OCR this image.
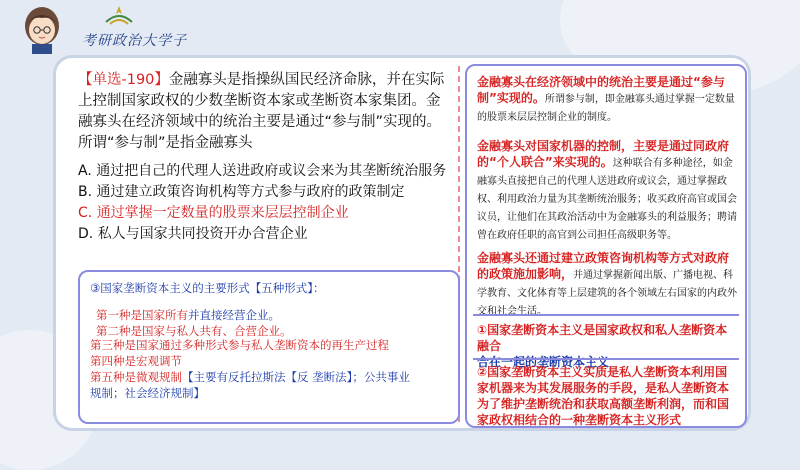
考研政治大学子
【单选-190】金融寡头是指操纵国民经济命脉，并在实际上控制国家政权的少数垄断资本家或垄断资本家集团。金融寡头在经济领域中的统治主要是通过“参与制”实现的。所谓“参与制”是指金融寡头
A. 通过把自己的代理人送进政府或议会来为其垄断统治服务
B. 通过建立政策咨询机构等方式参与政府的政策制定
C. 通过掌握一定数量的股票来层层控制企业
D. 私人与国家共同投资开办合营企业
③国家垄断资本主义的主要形式【五种形式】：
第一种是国家所有并直接经营企业。
第二种是国家与私人共有、合营企业。
第三种是国家通过多种形式参与私人垄断资本的再生产过程
第四种是宏观调节
第五种是微观规制【主要有反托拉斯法【反 垄断法】；公共事业
规制；社会经济规制】
金融寡头在经济领域中的统治主要是通过“参与制”实现的。所谓参与制，即金融寡头通过掌握一定数量的股票来层层控制企业的制度。
金融寡头对国家机器的控制，主要是通过同政府的“个人联合”来实现的。这种联合有多种途径，如金融寡头直接把自己的代理人送进政府或议会，通过掌握政权、利用政治力量为其垄断统治服务；收买政府高官或国会议员，让他们在其政治活动中为金融寡头的利益服务；聘请曾在政府任职的高官到公司担任高级职务等。
金融寡头还通过建立政策咨询机构等方式对政府的政策施加影响，并通过掌握新闻出版、广播电视、科学教育、文化体育等上层建筑的各个领域左右国家的内政外交和社会生活。
①国家垄断资本主义是国家政权和私人垄断资本融合
合在一起的垄断资本主义
②国家垄断资本主义实质是私人垄断资本利用国家机器来为其发展服务的手段，是私人垄断资本为了维护垄断统治和获取高额垄断利润，而和国家政权相结合的一种垄断资本主义形式
